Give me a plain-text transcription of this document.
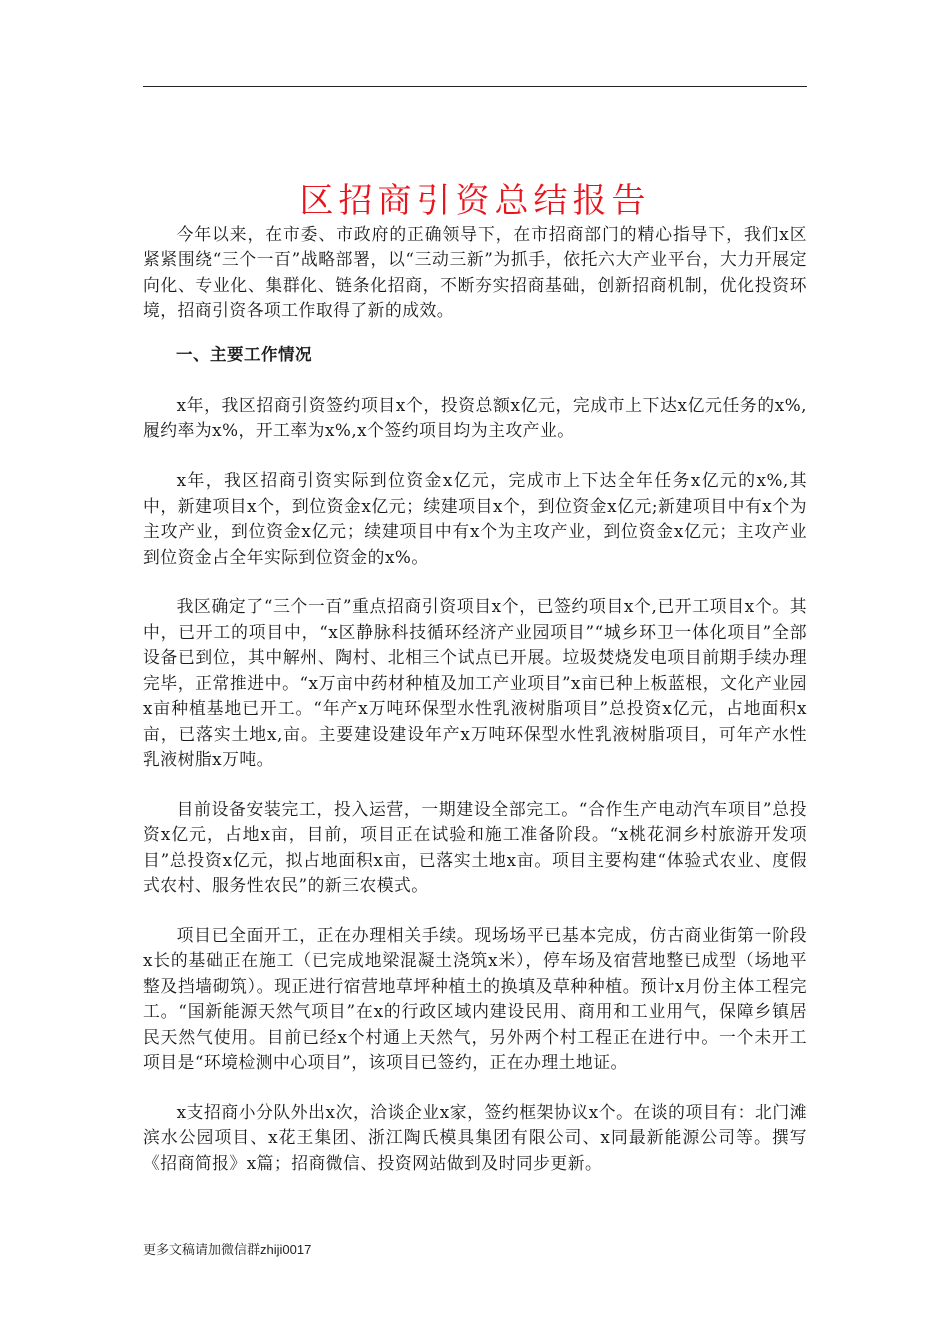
区招商引资总结报告

今年以来，在市委、市政府的正确领导下，在市招商部门的精心指导下，我们x区紧紧围绕“三个一百”战略部署，以“三动三新”为抓手，依托六大产业平台，大力开展定向化、专业化、集群化、链条化招商，不断夯实招商基础，创新招商机制，优化投资环境，招商引资各项工作取得了新的成效。

一、主要工作情况

x年，我区招商引资签约项目x个，投资总额x亿元，完成市上下达x亿元任务的x%,履约率为x%，开工率为x%,x个签约项目均为主攻产业。

x年，我区招商引资实际到位资金x亿元，完成市上下达全年任务x亿元的x%,其中，新建项目x个，到位资金x亿元；续建项目x个，到位资金x亿元;新建项目中有x个为主攻产业，到位资金x亿元；续建项目中有x个为主攻产业，到位资金x亿元；主攻产业到位资金占全年实际到位资金的x%。

我区确定了“三个一百”重点招商引资项目x个，已签约项目x个,已开工项目x个。其中，已开工的项目中，“x区静脉科技循环经济产业园项目”“城乡环卫一体化项目”全部设备已到位，其中解州、陶村、北相三个试点已开展。垃圾焚烧发电项目前期手续办理完毕，正常推进中。“x万亩中药材种植及加工产业项目”x亩已种上板蓝根，文化产业园x亩种植基地已开工。“年产x万吨环保型水性乳液树脂项目”总投资x亿元，占地面积x亩，已落实土地x,亩。主要建设建设年产x万吨环保型水性乳液树脂项目，可年产水性乳液树脂x万吨。

目前设备安装完工，投入运营，一期建设全部完工。“合作生产电动汽车项目”总投资x亿元，占地x亩，目前，项目正在试验和施工准备阶段。“x桃花洞乡村旅游开发项目”总投资x亿元，拟占地面积x亩，已落实土地x亩。项目主要构建“体验式农业、度假式农村、服务性农民”的新三农模式。

项目已全面开工，正在办理相关手续。现场场平已基本完成，仿古商业街第一阶段x长的基础正在施工（已完成地梁混凝土浇筑x米），停车场及宿营地整已成型（场地平整及挡墙砌筑）。现正进行宿营地草坪种植土的换填及草种种植。预计x月份主体工程完工。“国新能源天然气项目”在x的行政区域内建设民用、商用和工业用气，保障乡镇居民天然气使用。目前已经x个村通上天然气，另外两个村工程正在进行中。一个未开工项目是“环境检测中心项目”，该项目已签约，正在办理土地证。

x支招商小分队外出x次，洽谈企业x家，签约框架协议x个。在谈的项目有：北门滩滨水公园项目、x花王集团、浙江陶氏模具集团有限公司、x同最新能源公司等。撰写《招商简报》x篇；招商微信、投资网站做到及时同步更新。

更多文稿请加微信群zhiji0017
